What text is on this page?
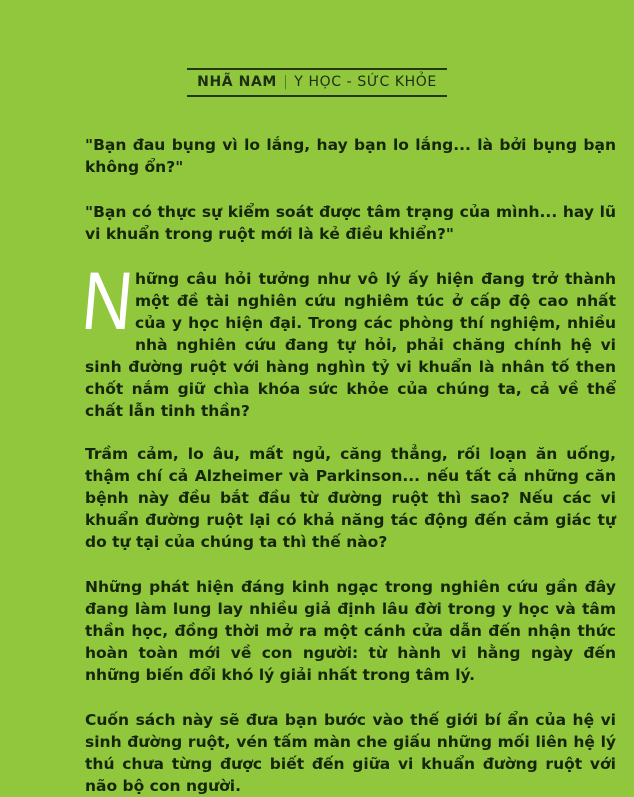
NHÃ NAM | Y HỌC - SỨC KHỎE

"Bạn đau bụng vì lo lắng, hay bạn lo lắng... là bởi bụng bạn không ổn?"

"Bạn có thực sự kiểm soát được tâm trạng của mình... hay lũ vi khuẩn trong ruột mới là kẻ điều khiển?"

N
hững câu hỏi tưởng như vô lý ấy hiện đang trở thành một đề tài nghiên cứu nghiêm túc ở cấp độ cao nhất của y học hiện đại. Trong các phòng thí nghiệm, nhiều nhà nghiên cứu đang tự hỏi, phải chăng chính hệ vi sinh đường ruột với hàng nghìn tỷ vi khuẩn là nhân tố then chốt nắm giữ chìa khóa sức khỏe của chúng ta, cả về thể chất lẫn tinh thần?

Trầm cảm, lo âu, mất ngủ, căng thẳng, rối loạn ăn uống, thậm chí cả Alzheimer và Parkinson... nếu tất cả những căn bệnh này đều bắt đầu từ đường ruột thì sao? Nếu các vi khuẩn đường ruột lại có khả năng tác động đến cảm giác tự do tự tại của chúng ta thì thế nào?

Những phát hiện đáng kinh ngạc trong nghiên cứu gần đây đang làm lung lay nhiều giả định lâu đời trong y học và tâm thần học, đồng thời mở ra một cánh cửa dẫn đến nhận thức hoàn toàn mới về con người: từ hành vi hằng ngày đến những biến đổi khó lý giải nhất trong tâm lý.

Cuốn sách này sẽ đưa bạn bước vào thế giới bí ẩn của hệ vi sinh đường ruột, vén tấm màn che giấu những mối liên hệ lý thú chưa từng được biết đến giữa vi khuẩn đường ruột với não bộ con người.
